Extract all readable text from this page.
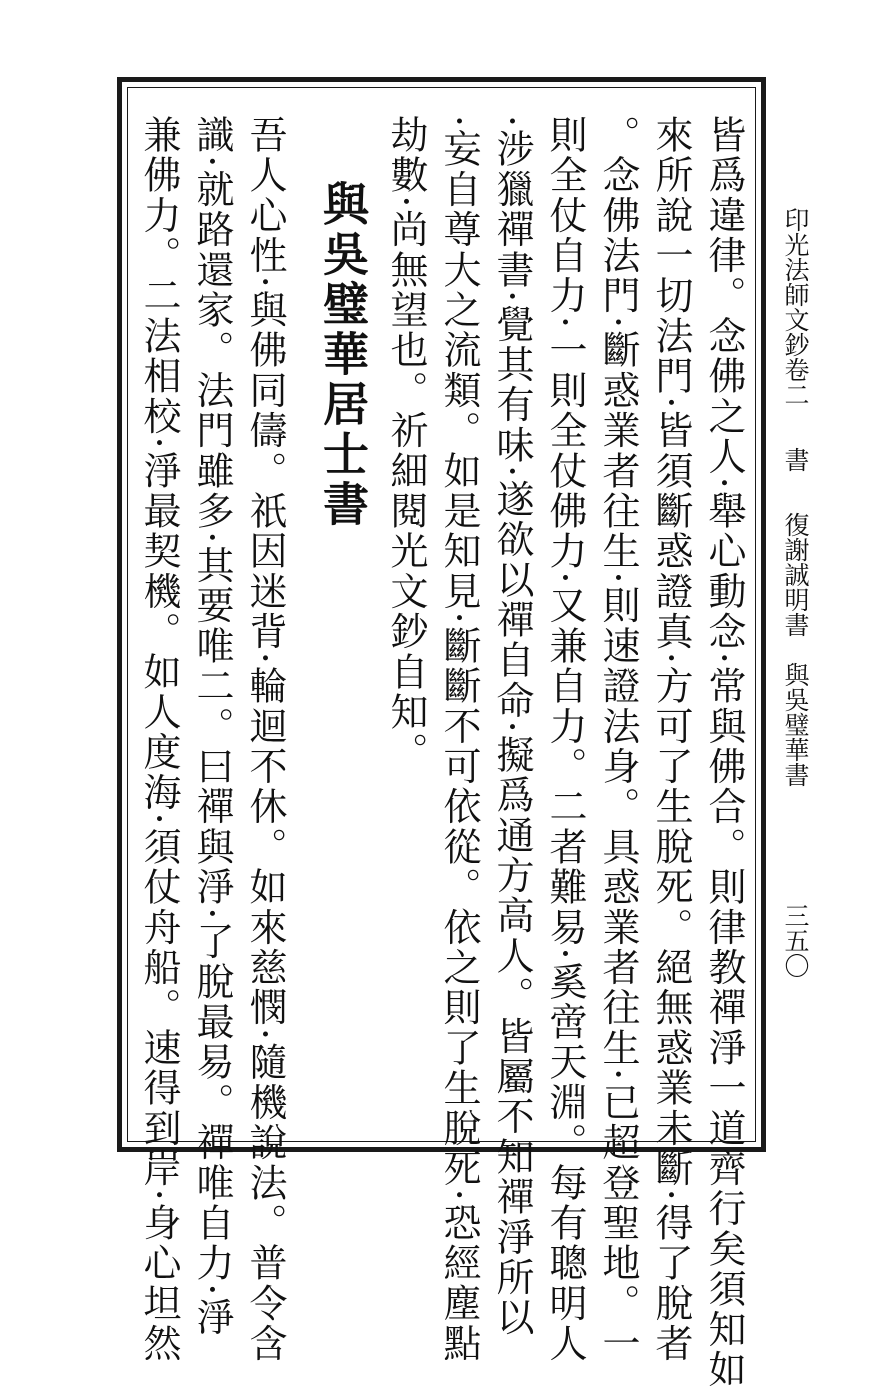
印光法師文鈔卷二書復謝誠明書　與吳璧華書
三五〇
皆爲違律。念佛之人·舉心動念·常與佛合。則律教禪淨一道齊行矣須知如
來所說一切法門·皆須斷惑證真·方可了生脫死。絕無惑業未斷·得了脫者
。念佛法門·斷惑業者往生·則速證法身。具惑業者往生·已超登聖地。一
則全仗自力·一則全仗佛力·又兼自力。二者難易·奚啻天淵。每有聰明人
·涉獵禪書·覺其有味·遂欲以禪自命·擬爲通方高人。皆屬不知禪淨所以
·妄自尊大之流類。如是知見·斷斷不可依從。依之則了生脫死·恐經塵點
劫數·尚無望也。祈細閱光文鈔自知。
與吳璧華居士書
吾人心性·與佛同儔。祇因迷背·輪迴不休。如來慈憫·隨機說法。普令含
識·就路還家。法門雖多·其要唯二。曰禪與淨·了脫最易。禪唯自力·淨
兼佛力。二法相校·淨最契機。如人度海·須仗舟船。速得到岸·身心坦然
